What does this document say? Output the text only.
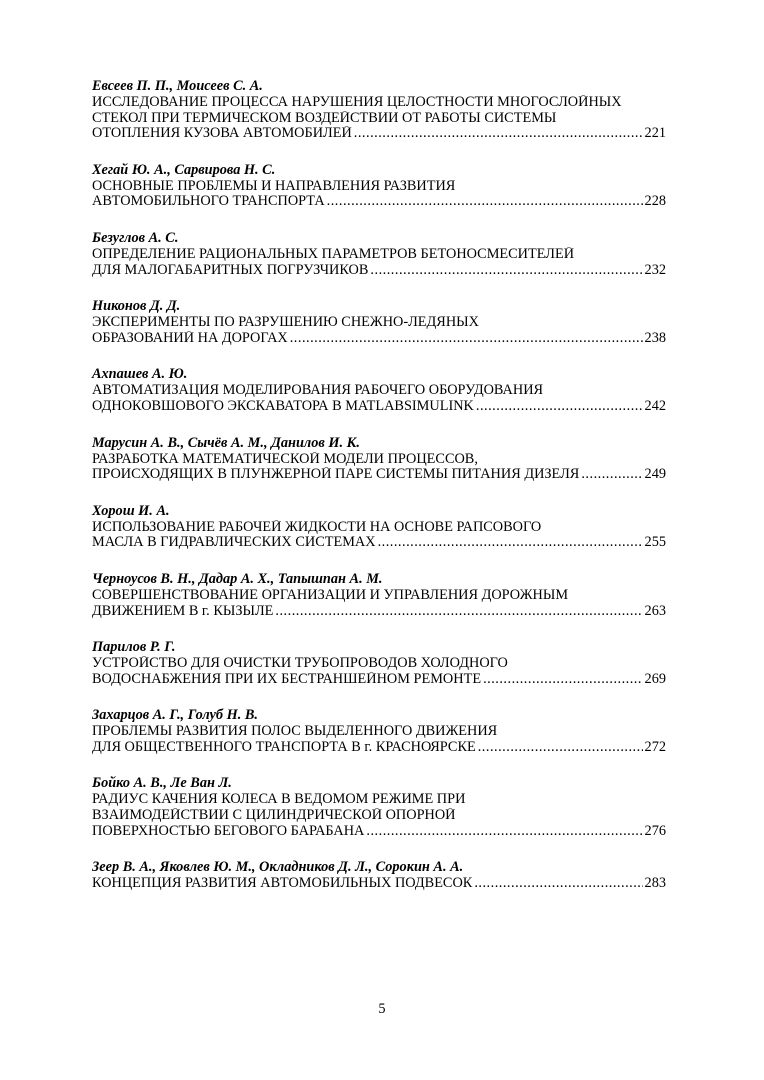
Евсеев П. П., Моисеев С. А.
ИССЛЕДОВАНИЕ ПРОЦЕССА НАРУШЕНИЯ ЦЕЛОСТНОСТИ МНОГОСЛОЙНЫХ
СТЕКОЛ ПРИ ТЕРМИЧЕСКОМ ВОЗДЕЙСТВИИ ОТ РАБОТЫ СИСТЕМЫ
ОТОПЛЕНИЯ КУЗОВА АВТОМОБИЛЕЙ .....	221
Хегай Ю. А., Сарвирова Н. С.
ОСНОВНЫЕ ПРОБЛЕМЫ И НАПРАВЛЕНИЯ РАЗВИТИЯ
АВТОМОБИЛЬНОГО ТРАНСПОРТА .....	228
Безуглов А. С.
ОПРЕДЕЛЕНИЕ РАЦИОНАЛЬНЫХ ПАРАМЕТРОВ БЕТОНОСМЕСИТЕЛЕЙ
ДЛЯ МАЛОГАБАРИТНЫХ ПОГРУЗЧИКОВ .....	232
Никонов Д. Д.
ЭКСПЕРИМЕНТЫ ПО РАЗРУШЕНИЮ СНЕЖНО-ЛЕДЯНЫХ
ОБРАЗОВАНИЙ НА ДОРОГАХ .....	238
Ахпашев А. Ю.
АВТОМАТИЗАЦИЯ МОДЕЛИРОВАНИЯ РАБОЧЕГО ОБОРУДОВАНИЯ
ОДНОКОВШОВОГО ЭКСКАВАТОРА В MATLABSIMULINK .....	242
Марусин А. В., Сычёв А. М., Данилов И. К.
РАЗРАБОТКА МАТЕМАТИЧЕСКОЙ МОДЕЛИ ПРОЦЕССОВ,
ПРОИСХОДЯЩИХ В ПЛУНЖЕРНОЙ ПАРЕ СИСТЕМЫ ПИТАНИЯ ДИЗЕЛЯ .....	249
Хорош И. А.
ИСПОЛЬЗОВАНИЕ РАБОЧЕЙ ЖИДКОСТИ НА ОСНОВЕ РАПСОВОГО
МАСЛА В ГИДРАВЛИЧЕСКИХ СИСТЕМАХ .....	255
Черноусов В. Н., Дадар А. Х., Тапышпан А. М.
СОВЕРШЕНСТВОВАНИЕ ОРГАНИЗАЦИИ И УПРАВЛЕНИЯ ДОРОЖНЫМ
ДВИЖЕНИЕМ В г. КЫЗЫЛЕ .....	263
Парилов Р. Г.
УСТРОЙСТВО ДЛЯ ОЧИСТКИ ТРУБОПРОВОДОВ ХОЛОДНОГО
ВОДОСНАБЖЕНИЯ ПРИ ИХ БЕСТРАНШЕЙНОМ РЕМОНТЕ .....	269
Захарцов А. Г., Голуб Н. В.
ПРОБЛЕМЫ РАЗВИТИЯ ПОЛОС ВЫДЕЛЕННОГО ДВИЖЕНИЯ
ДЛЯ ОБЩЕСТВЕННОГО ТРАНСПОРТА В г. КРАСНОЯРСКЕ .....	272
Бойко А. В., Ле Ван Л.
РАДИУС КАЧЕНИЯ КОЛЕСА В ВЕДОМОМ РЕЖИМЕ ПРИ
ВЗАИМОДЕЙСТВИИ С ЦИЛИНДРИЧЕСКОЙ ОПОРНОЙ
ПОВЕРХНОСТЬЮ БЕГОВОГО БАРАБАНА .....	276
Зеер В. А., Яковлев Ю. М., Окладников Д. Л., Сорокин А. А.
КОНЦЕПЦИЯ РАЗВИТИЯ АВТОМОБИЛЬНЫХ ПОДВЕСОК .....	283
5
